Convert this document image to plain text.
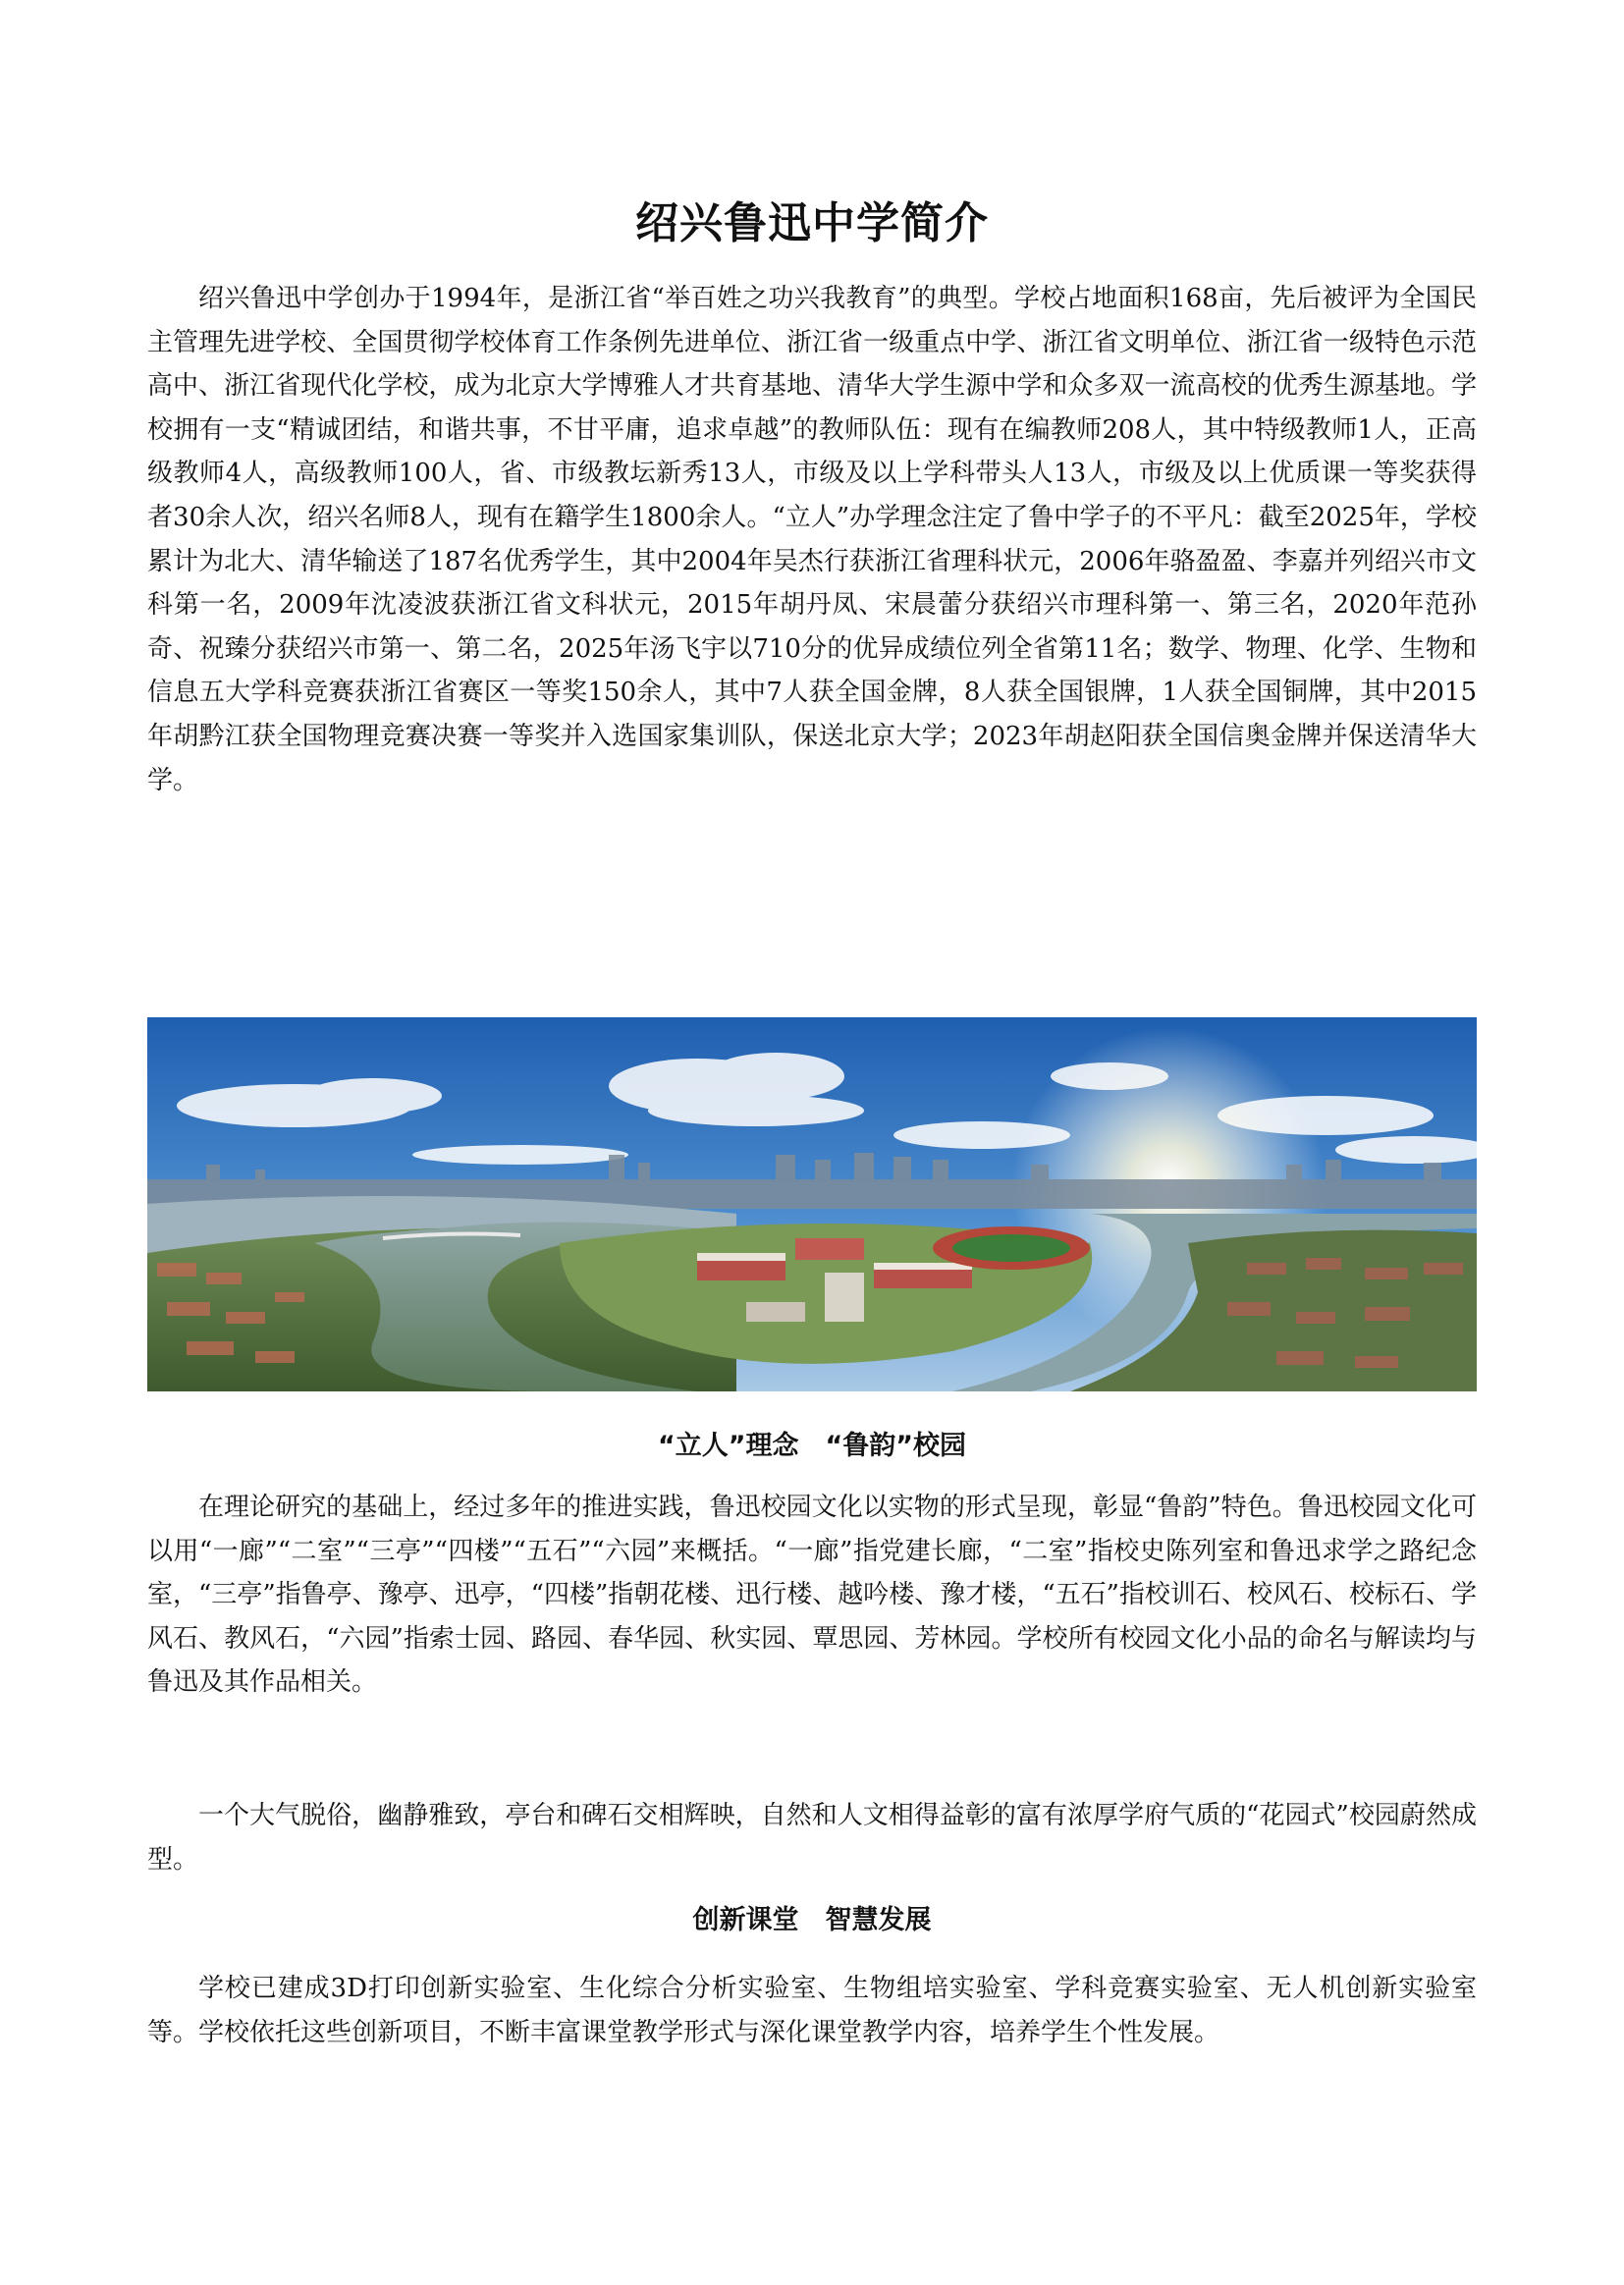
绍兴鲁迅中学简介

绍兴鲁迅中学创办于1994年，是浙江省“举百姓之功兴我教育”的典型。学校占地面积168亩，先后被评为全国民主管理先进学校、全国贯彻学校体育工作条例先进单位、浙江省一级重点中学、浙江省文明单位、浙江省一级特色示范高中、浙江省现代化学校，成为北京大学博雅人才共育基地、清华大学生源中学和众多双一流高校的优秀生源基地。学校拥有一支“精诚团结，和谐共事，不甘平庸，追求卓越”的教师队伍：现有在编教师208人，其中特级教师1人，正高级教师4人，高级教师100人，省、市级教坛新秀13人，市级及以上学科带头人13人，市级及以上优质课一等奖获得者30余人次，绍兴名师8人，现有在籍学生1800余人。“立人”办学理念注定了鲁中学子的不平凡：截至2025年，学校累计为北大、清华输送了187名优秀学生，其中2004年吴杰行获浙江省理科状元，2006年骆盈盈、李嘉并列绍兴市文科第一名，2009年沈凌波获浙江省文科状元，2015年胡丹凤、宋晨蕾分获绍兴市理科第一、第三名，2020年范孙奇、祝臻分获绍兴市第一、第二名，2025年汤飞宇以710分的优异成绩位列全省第11名；数学、物理、化学、生物和信息五大学科竞赛获浙江省赛区一等奖150余人，其中7人获全国金牌，8人获全国银牌，1人获全国铜牌，其中2015年胡黔江获全国物理竞赛决赛一等奖并入选国家集训队，保送北京大学；2023年胡赵阳获全国信奥金牌并保送清华大学。

“立人”理念　“鲁韵”校园

在理论研究的基础上，经过多年的推进实践，鲁迅校园文化以实物的形式呈现，彰显“鲁韵”特色。鲁迅校园文化可以用“一廊”“二室”“三亭”“四楼”“五石”“六园”来概括。“一廊”指党建长廊，“二室”指校史陈列室和鲁迅求学之路纪念室，“三亭”指鲁亭、豫亭、迅亭，“四楼”指朝花楼、迅行楼、越吟楼、豫才楼，“五石”指校训石、校风石、校标石、学风石、教风石，“六园”指索士园、路园、春华园、秋实园、覃思园、芳林园。学校所有校园文化小品的命名与解读均与鲁迅及其作品相关。

一个大气脱俗，幽静雅致，亭台和碑石交相辉映，自然和人文相得益彰的富有浓厚学府气质的“花园式”校园蔚然成型。

创新课堂　智慧发展

学校已建成3D打印创新实验室、生化综合分析实验室、生物组培实验室、学科竞赛实验室、无人机创新实验室等。学校依托这些创新项目，不断丰富课堂教学形式与深化课堂教学内容，培养学生个性发展。
